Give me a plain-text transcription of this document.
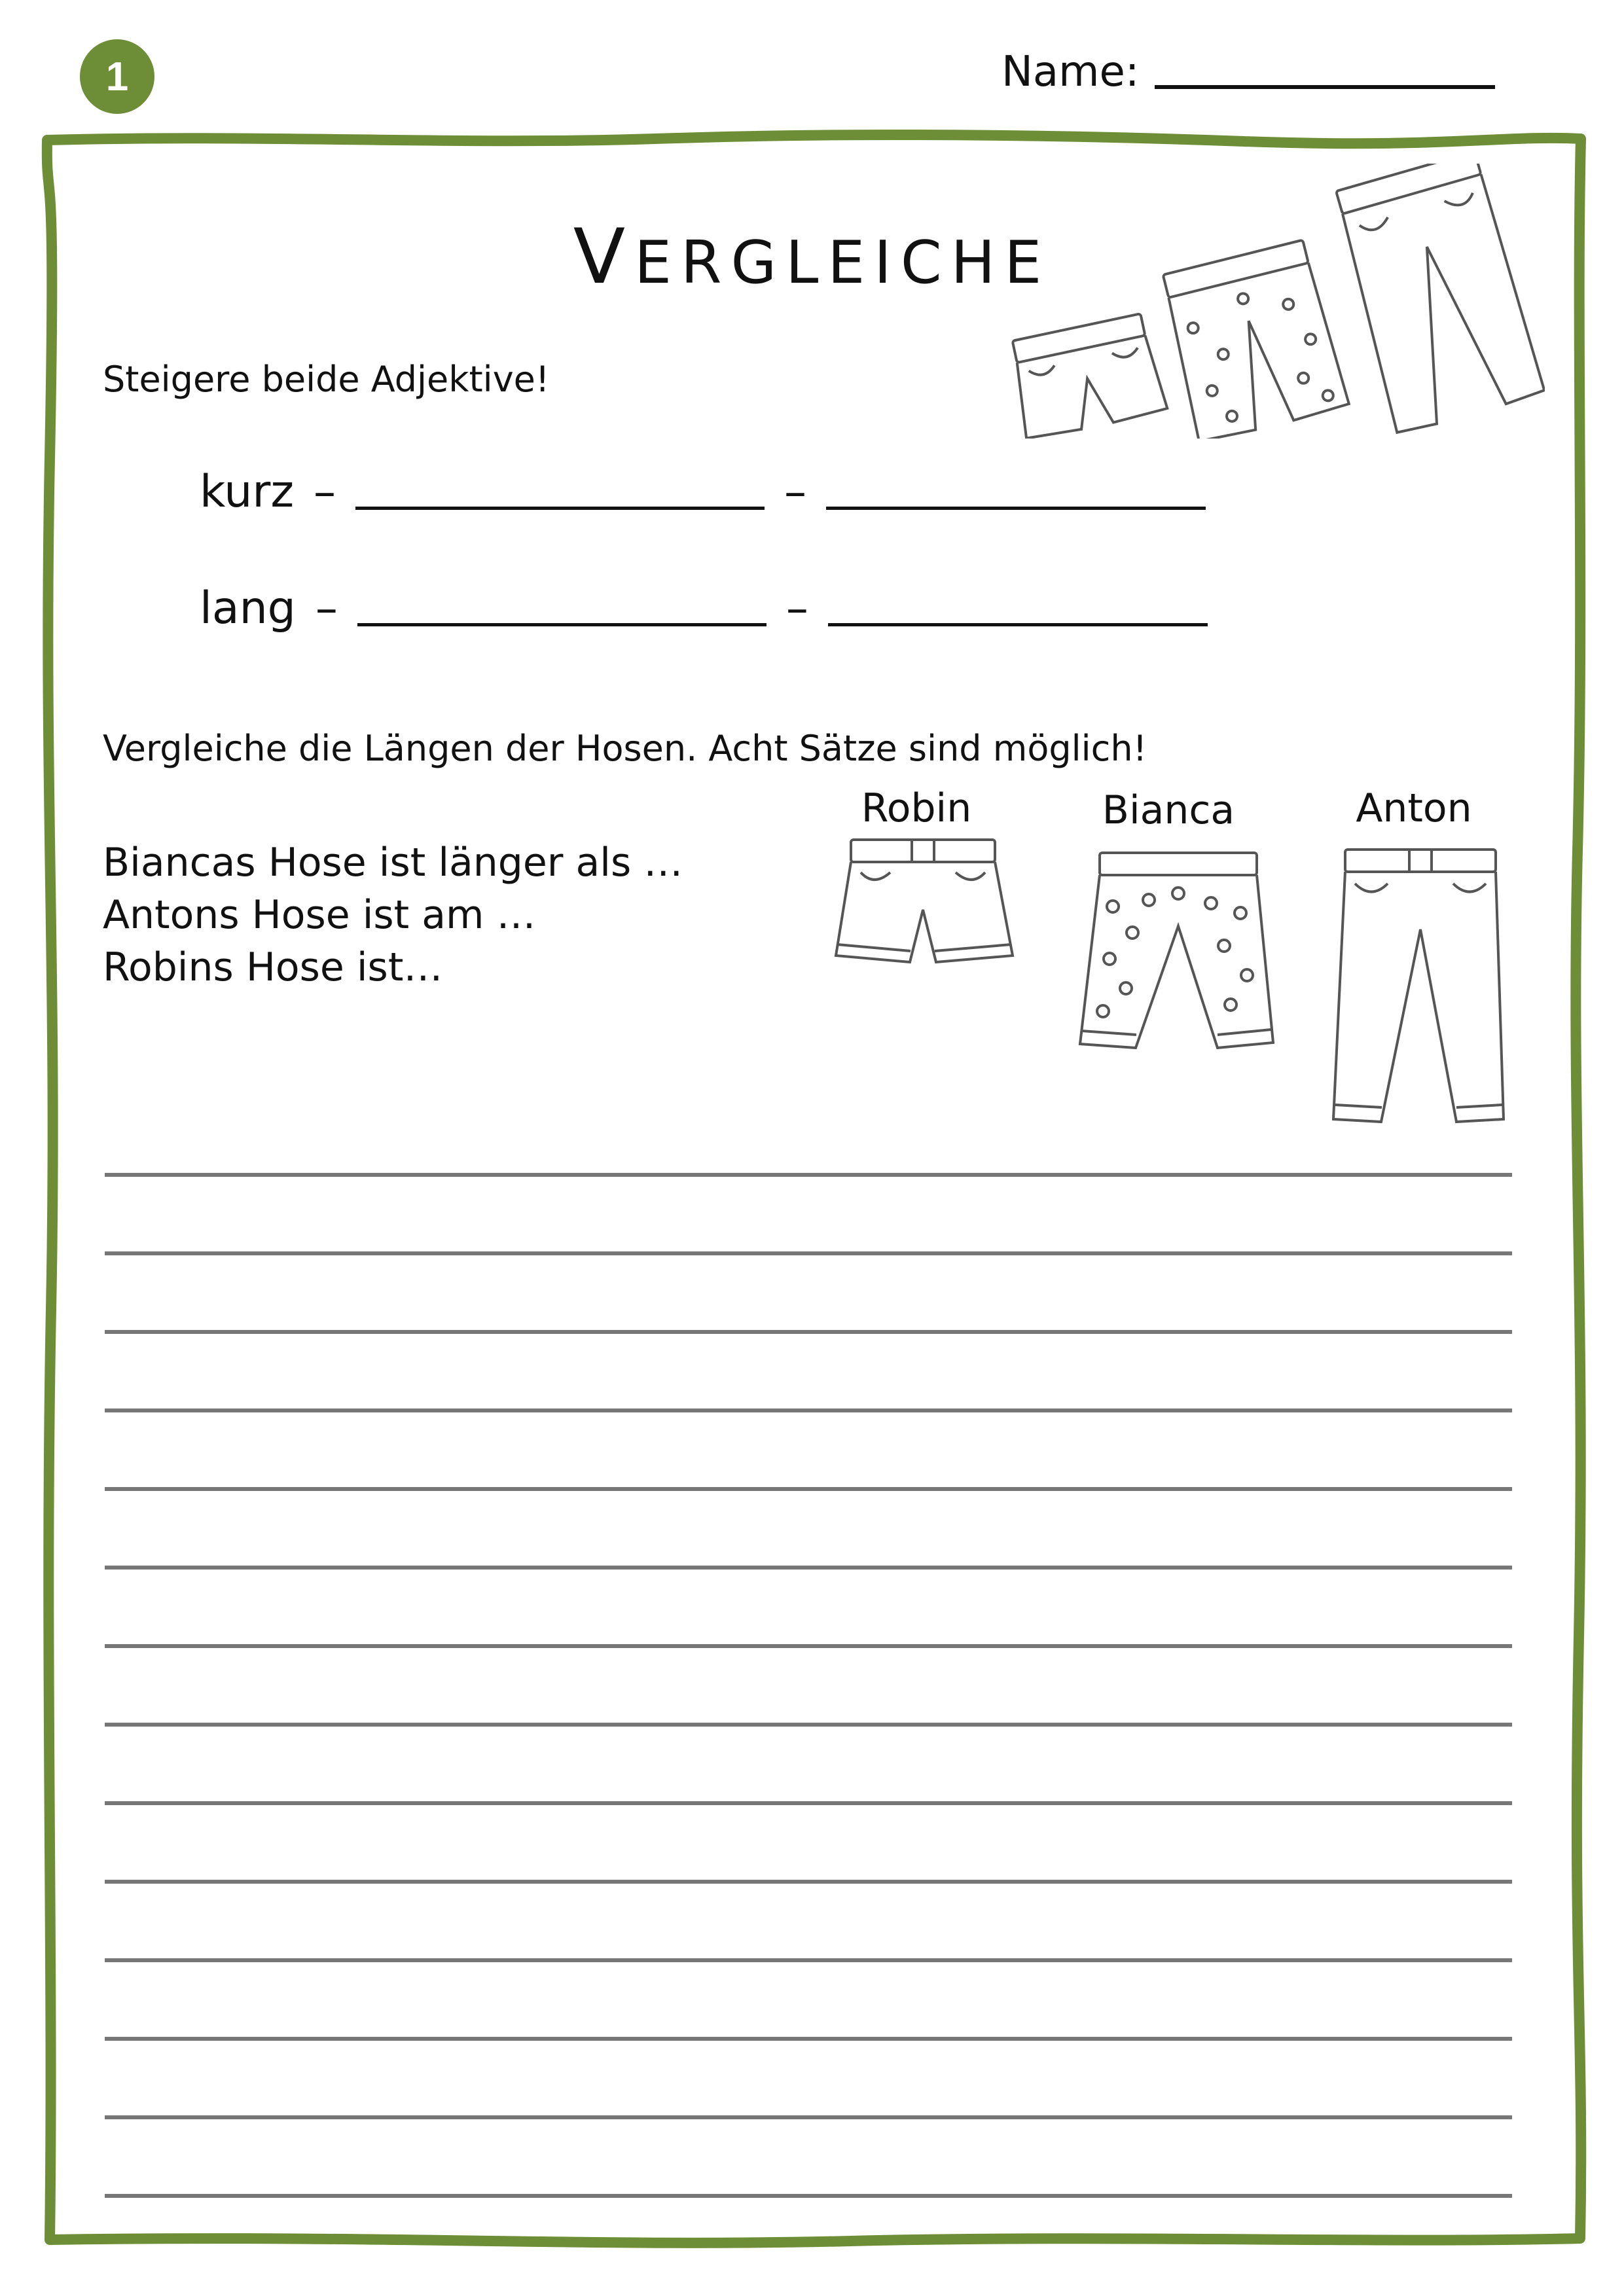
1	Name:
VERGLEICHE
Steigere beide Adjektive!
kurz –	–
lang –	–
Vergleiche die Längen der Hosen. Acht Sätze sind möglich!
Biancas Hose ist länger als …
Antons Hose ist am …
Robins Hose ist…
Robin	Bianca	Anton
